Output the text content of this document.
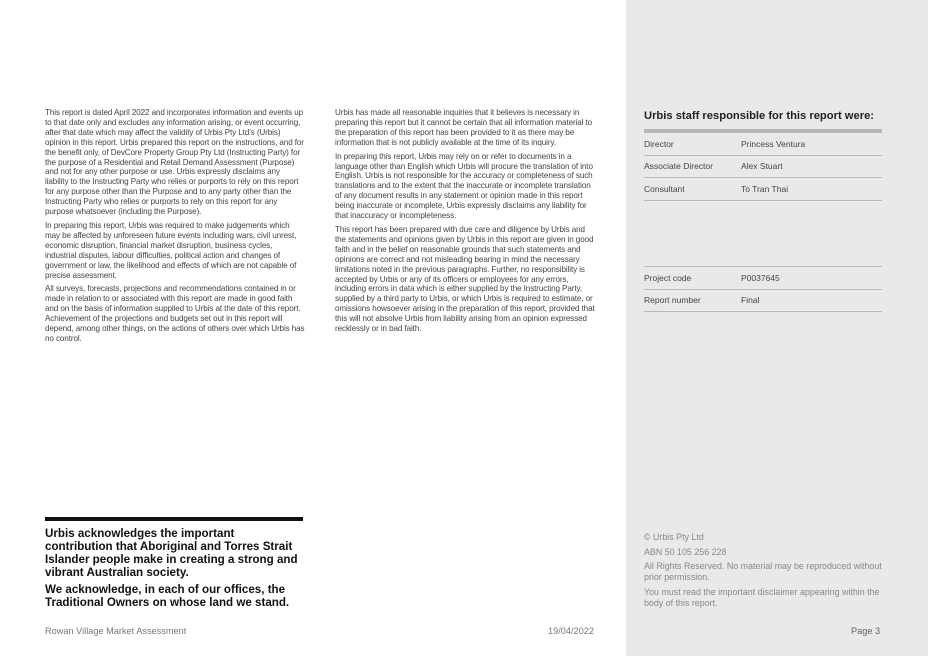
This report is dated April 2022 and incorporates information and events up to that date only and excludes any information arising, or event occurring, after that date which may affect the validity of Urbis Pty Ltd’s (Urbis) opinion in this report. Urbis prepared this report on the instructions, and for the benefit only, of DevCore Property Group Pty Ltd (Instructing Party) for the purpose of a Residential and Retail Demand Assessment (Purpose) and not for any other purpose or use. Urbis expressly disclaims any liability to the Instructing Party who relies or purports to rely on this report for any purpose other than the Purpose and to any party other than the Instructing Party who relies or purports to rely on this report for any purpose whatsoever (including the Purpose).

In preparing this report, Urbis was required to make judgements which may be affected by unforeseen future events including wars, civil unrest, economic disruption, financial market disruption, business cycles, industrial disputes, labour difficulties, political action and changes of government or law, the likelihood and effects of which are not capable of precise assessment.

All surveys, forecasts, projections and recommendations contained in or made in relation to or associated with this report are made in good faith and on the basis of information supplied to Urbis at the date of this report. Achievement of the projections and budgets set out in this report will depend, among other things, on the actions of others over which Urbis has no control.

Urbis has made all reasonable inquiries that it believes is necessary in preparing this report but it cannot be certain that all information material to the preparation of this report has been provided to it as there may be information that is not publicly available at the time of its inquiry.

In preparing this report, Urbis may rely on or refer to documents in a language other than English which Urbis will procure the translation of into English. Urbis is not responsible for the accuracy or completeness of such translations and to the extent that the inaccurate or incomplete translation of any document results in any statement or opinion made in this report being inaccurate or incomplete, Urbis expressly disclaims any liability for that inaccuracy or incompleteness.

This report has been prepared with due care and diligence by Urbis and the statements and opinions given by Urbis in this report are given in good faith and in the belief on reasonable grounds that such statements and opinions are correct and not misleading bearing in mind the necessary limitations noted in the previous paragraphs. Further, no responsibility is accepted by Urbis or any of its officers or employees for any errors, including errors in data which is either supplied by the Instructing Party, supplied by a third party to Urbis, or which Urbis is required to estimate, or omissions howsoever arising in the preparation of this report, provided that this will not absolve Urbis from liability arising from an opinion expressed recklessly or in bad faith.

Urbis acknowledges the important contribution that Aboriginal and Torres Strait Islander people make in creating a strong and vibrant Australian society.

We acknowledge, in each of our offices, the Traditional Owners on whose land we stand.

Rowan Village Market Assessment	19/04/2022	Page 3
Urbis staff responsible for this report were:
Director	Princess Ventura
Associate Director	Alex Stuart
Consultant	To Tran Thai
Project code	P0037645
Report number	Final

© Urbis Pty Ltd

ABN 50 105 256 228

All Rights Reserved. No material may be reproduced without prior permission.

You must read the important disclaimer appearing within the body of this report.
